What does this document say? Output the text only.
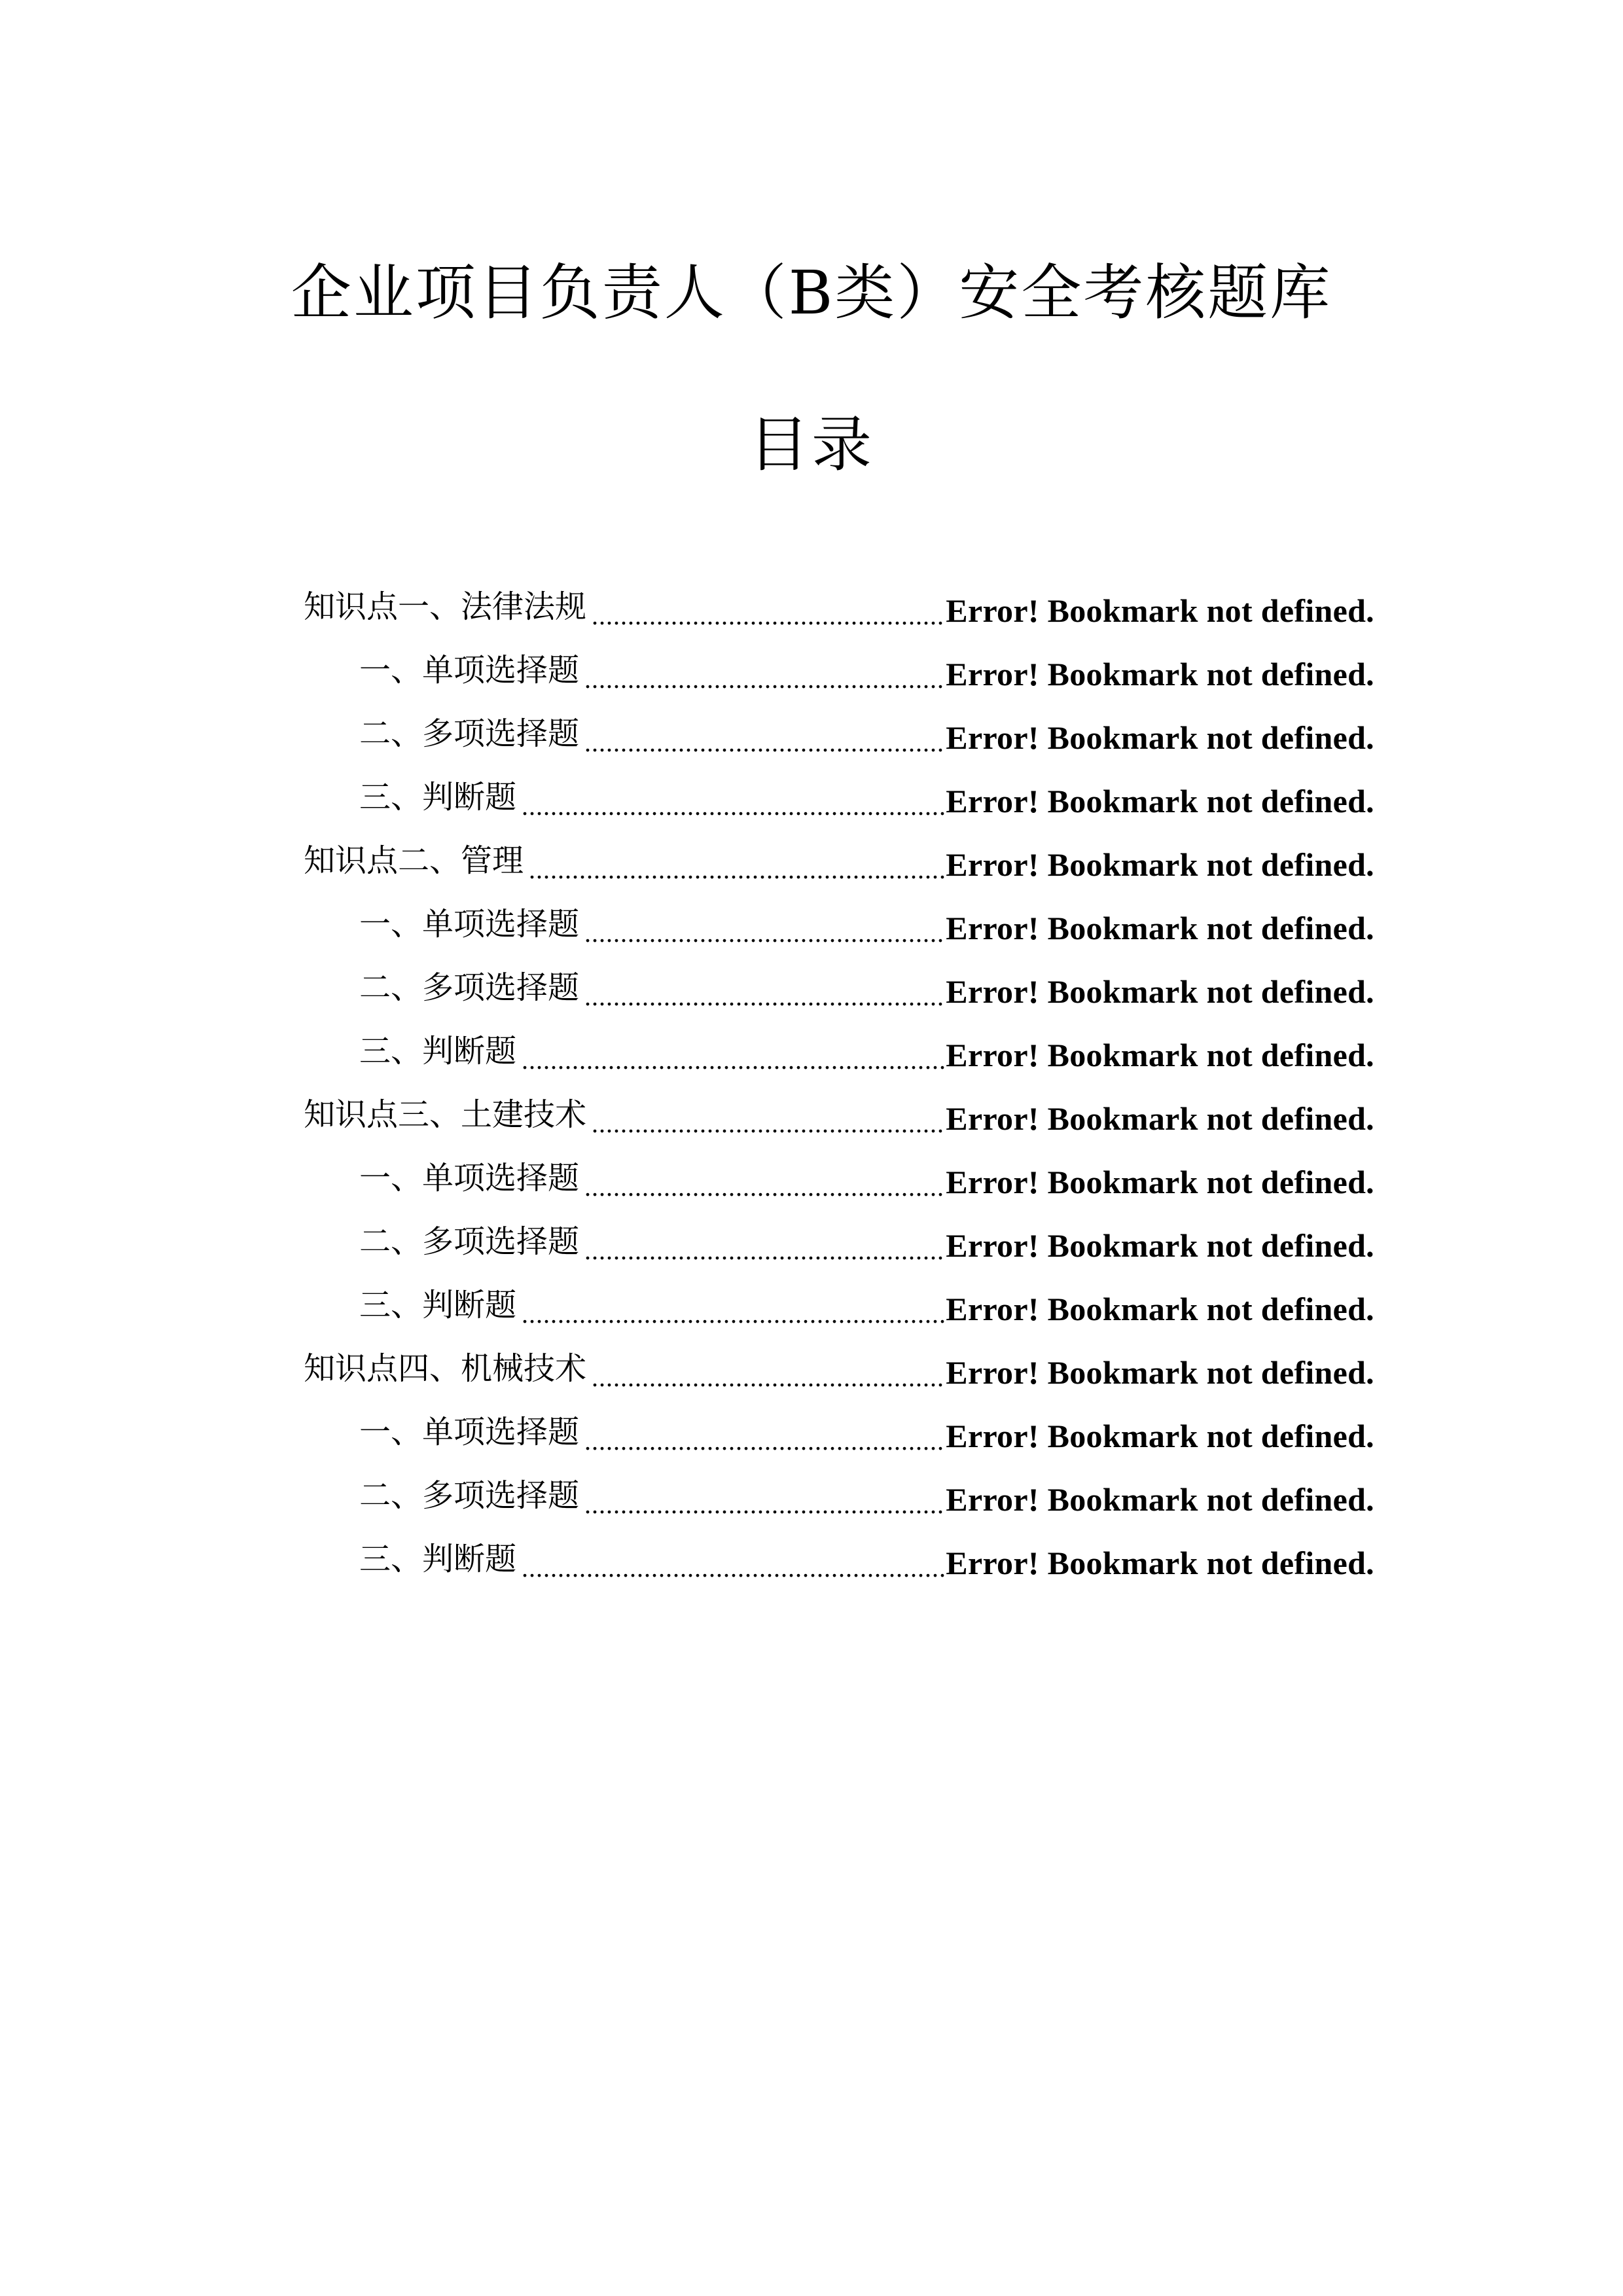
企业项目负责人（B类）安全考核题库
目录
知识点一、法律法规 .....	Error! Bookmark not defined.
一、单项选择题 .....	Error! Bookmark not defined.
二、多项选择题 .....	Error! Bookmark not defined.
三、判断题 .....	Error! Bookmark not defined.
知识点二、管理 .....	Error! Bookmark not defined.
一、单项选择题 .....	Error! Bookmark not defined.
二、多项选择题 .....	Error! Bookmark not defined.
三、判断题 .....	Error! Bookmark not defined.
知识点三、土建技术 .....	Error! Bookmark not defined.
一、单项选择题 .....	Error! Bookmark not defined.
二、多项选择题 .....	Error! Bookmark not defined.
三、判断题 .....	Error! Bookmark not defined.
知识点四、机械技术 .....	Error! Bookmark not defined.
一、单项选择题 .....	Error! Bookmark not defined.
二、多项选择题 .....	Error! Bookmark not defined.
三、判断题 .....	Error! Bookmark not defined.
